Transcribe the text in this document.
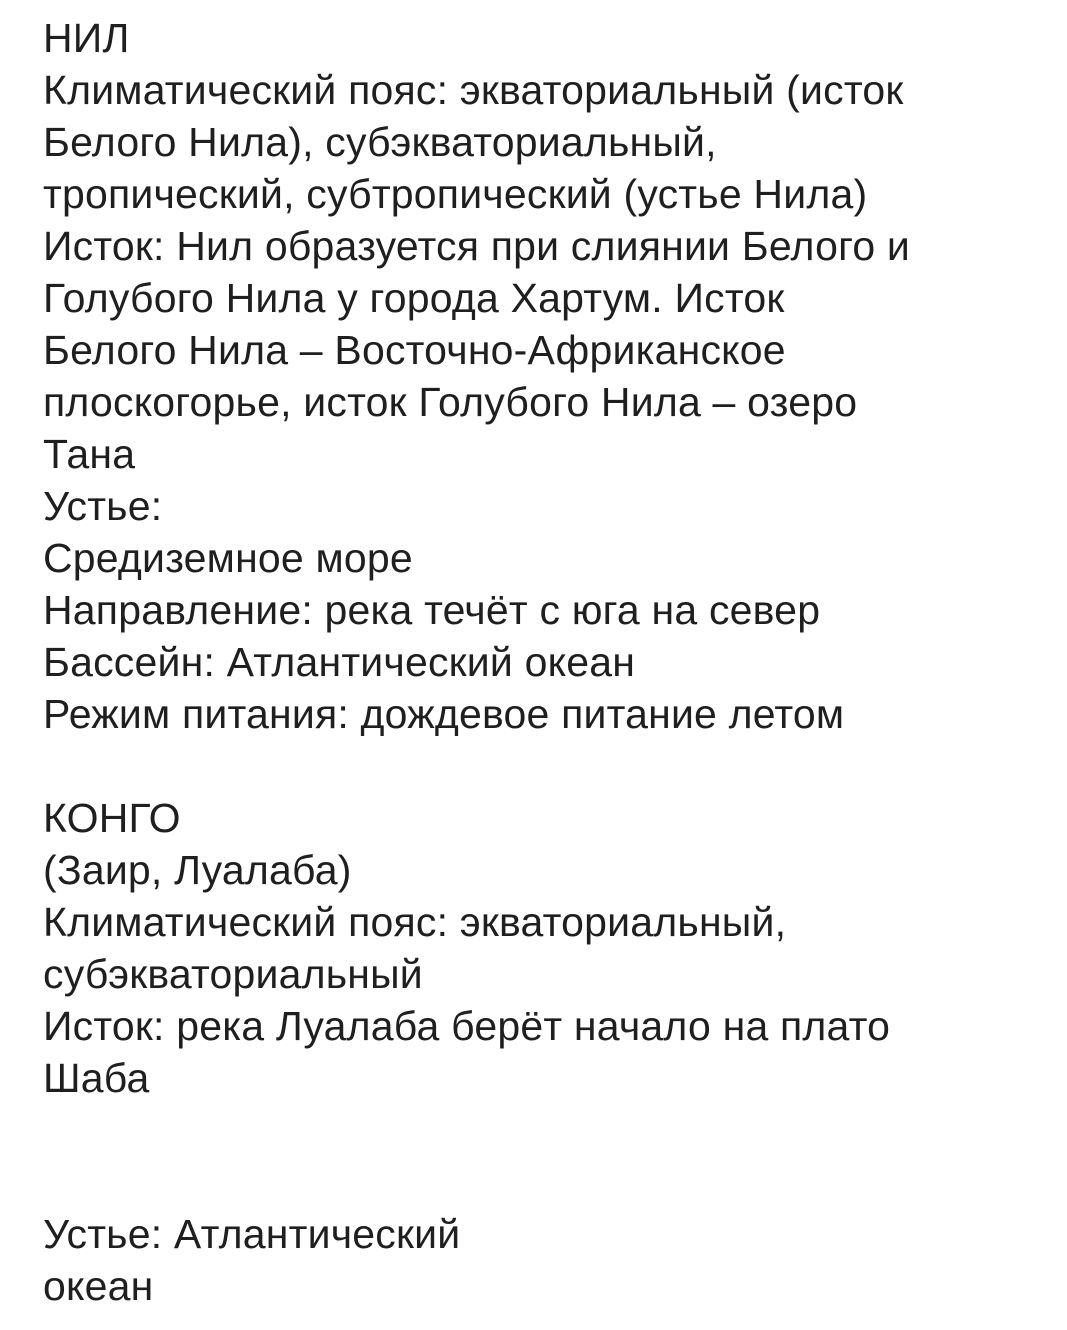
НИЛ
Климатический пояс: экваториальный (исток
Белого Нила), субэкваториальный,
тропический, субтропический (устье Нила)
Исток: Нил образуется при слиянии Белого и
Голубого Нила у города Хартум. Исток
Белого Нила – Восточно-Африканское
плоскогорье, исток Голубого Нила – озеро
Тана
Устье:
Средиземное море
Направление: река течёт с юга на север
Бассейн: Атлантический океан
Режим питания: дождевое питание летом
КОНГО
(Заир, Луалаба)
Климатический пояс: экваториальный,
субэкваториальный
Исток: река Луалаба берёт начало на плато
Шаба
Устье: Атлантический
океан
